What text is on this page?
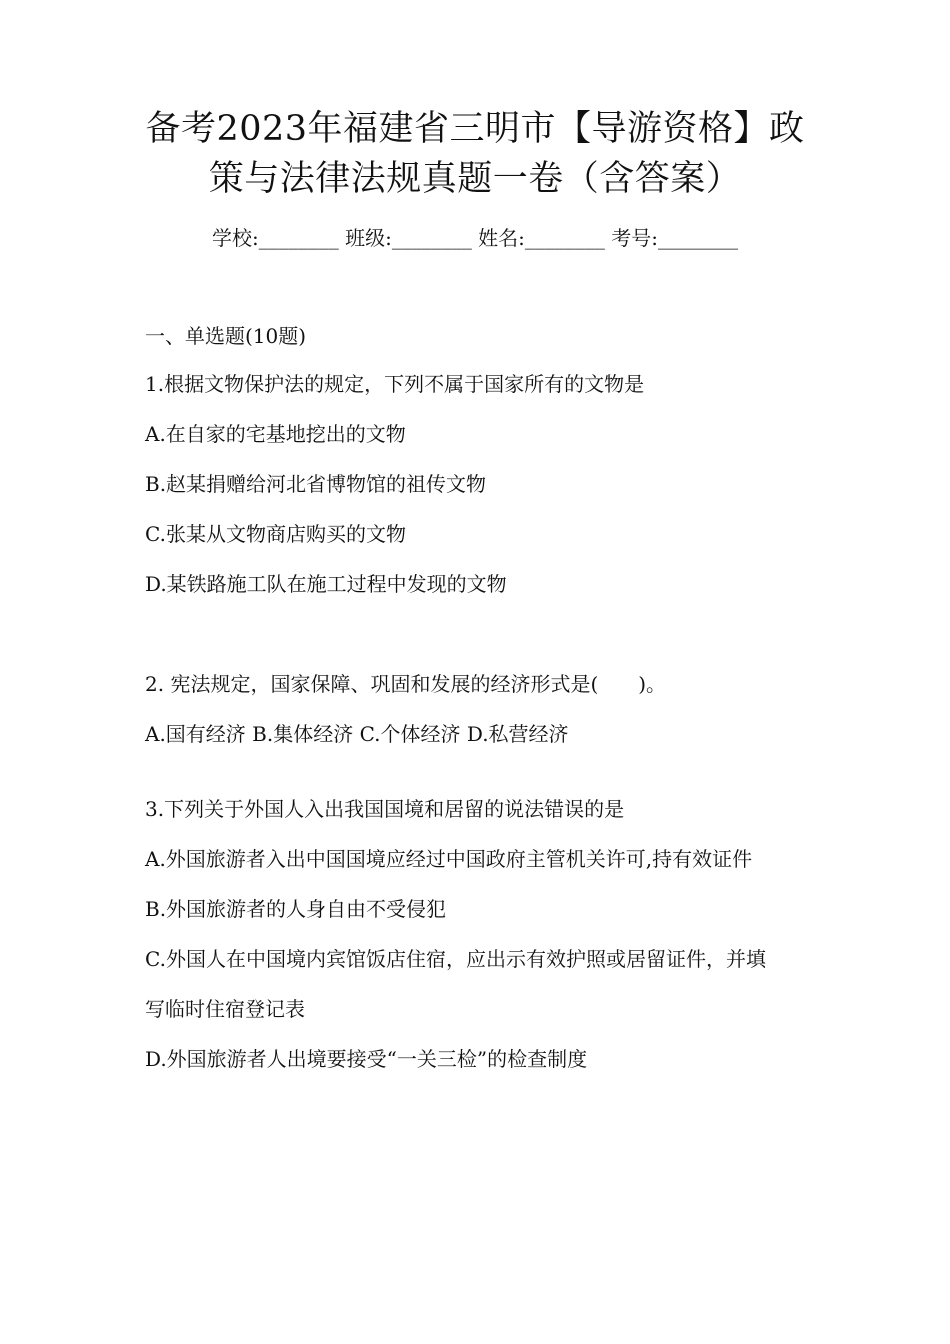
备考2023年福建省三明市【导游资格】政
策与法律法规真题一卷（含答案）
学校:________ 班级:________ 姓名:________ 考号:________
一、单选题(10题)
1.根据文物保护法的规定，下列不属于国家所有的文物是
A.在自家的宅基地挖出的文物
B.赵某捐赠给河北省博物馆的祖传文物
C.张某从文物商店购买的文物
D.某铁路施工队在施工过程中发现的文物
2. 宪法规定，国家保障、巩固和发展的经济形式是(　　)。
A.国有经济 B.集体经济 C.个体经济 D.私营经济
3.下列关于外国人入出我国国境和居留的说法错误的是
A.外国旅游者入出中国国境应经过中国政府主管机关许可,持有效证件
B.外国旅游者的人身自由不受侵犯
C.外国人在中国境内宾馆饭店住宿，应出示有效护照或居留证件，并填
写临时住宿登记表
D.外国旅游者人出境要接受“一关三检”的检查制度
